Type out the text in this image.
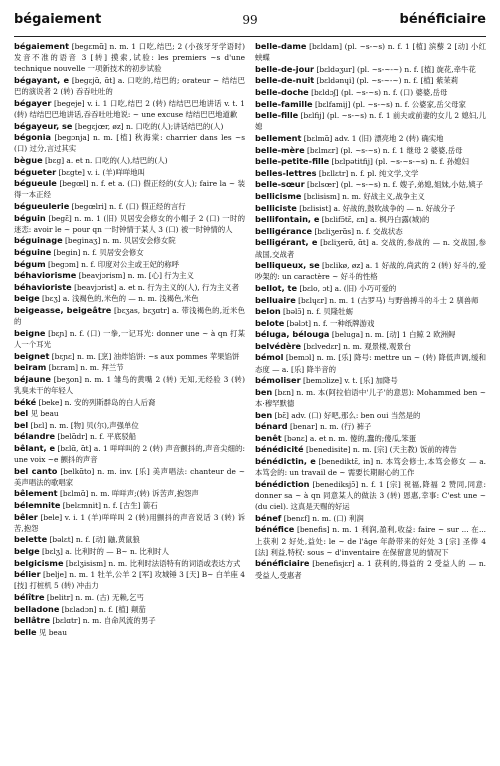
bégaiement	99	bénéficiaire
bégaiement [begɛmɑ̃] n. m. 1 口吃,结巴; 2 (小孩牙牙学语时)发音不准的语音 3 [转] 摸索,试验: les premiers ~s d'une technique nouvelle 一项新技术的初步试验
bégayant, e [begɛjɑ̃, ɑ̃t] a. 口吃的,结巴的; orateur ~ 结结巴巴的演说者 2 (转) 吞吞吐吐的
bégayer [begeje] v. i. 1 口吃,结巴 2 (转) 结结巴巴地讲话 v. t. 1 (转) 结结巴巴地讲话,吞吞吐吐地说: ~ une excuse 结结巴巴地道歉
bégayeur, se [begɛjœr, øz] n. 口吃的(人);讲话结巴的(人)
bégonia [begɔnja] n. m. [植] 秋海棠: charrier dans les ~s (口) 过分,言过其实
bègue [bɛg] a. et n. 口吃的(人),结巴的(人)
bégueter [bɛgte] v. i. (羊)咩咩地叫
bégueule [begœl] n. f. et a. (口) 假正经的(女人); faire la ~ 装得一本正经
bégueulerie [begœlri] n. f. (口) 假正经的言行
béguin [begɛ̃] n. m. 1 (旧) 贝居安会修女的小帽子 2 (口) 一时的迷恋: avoir le ~ pour qn 一时钟情于某人 3 (口) 被一时钟情的人
béguinage [beginaʒ] n. m. 贝居安会修女院
béguine [begin] n. f. 贝居安会修女
bégum [begɔm] n. f. 印度对公主或王妃的称呼
béhaviorisme [beavjɔrism] n. m. [心] 行为主义
béhavioriste [beavjɔrist] a. et n. 行为主义的(人), 行为主义者
beige [bɛʒ] a. 浅褐色的,米色的 — n. m. 浅褐色,米色
beigeasse, beigeâtre [bɛʒas, bɛʒɑtr] a. 带浅褐色的,近米色的
beigne [bɛɲ] n. f. (口) 一拳,一记耳光: donner une ~ à qn 打某人一个耳光
beignet [bɛɲɛ] n. m. [烹] 油炸馅饼: ~s aux pommes 苹果馅饼
beiram [bɛram] n. m. 拜兰节
béjaune [beʒon] n. m. 1 雏鸟的黄嘴 2 (转) 无知,无经验 3 (转) 乳臭未干的年轻人
béké [beke] n. 安的列斯群岛的白人后裔
bel 见 beau
bel [bɛl] n. m. [物] 贝(尔),声强单位
bélandre [belɑ̃dr] n. f. 平底驳船
bêlant, e [bɛlɑ̃, ɑ̃t] a. 1 咩咩叫的 2 (转) 声音颤抖的,声音尖细的: une voix ~e 颤抖的声音
bel canto [belkɑ̃to] n. m. inv. [乐] 美声唱法: chanteur de ~ 美声唱法的歌唱家
bêlement [bɛlmɑ̃] n. m. 咩咩声;(转) 诉苦声,抱怨声
bélemnite [belɛmnit] n. f. [古生] 箭石
bêler [bele] v. i. 1 (羊)咩咩叫 2 (转)用颤抖的声音说话 3 (转) 诉苦,抱怨
belette [bəlɛt] n. f. [动] 鼬,黄鼠狼
belge [bɛlʒ] a. 比利时的 — B~ n. 比利时人
belgicisme [bɛlʒisism] n. m. 比利时法语特有的词语或表达方式
bélier [belje] n. m. 1 牡羊,公羊 2 [军] 攻城锤 3 [天] B~ 白羊座 4 [技] 打桩机 5 (转) 冲击力
bélître [belitr] n. m. (古) 无赖,乞丐
belladone [bɛladɔn] n. f. [植] 颠茄
bellâtre [bɛlɑtr] n. m. 自命风流的男子
belle 见 beau
belle-dame [bɛldam] (pl. ~s-~s) n. f. 1 [植] 滨藜 2 [动] 小红蛱蝶
belle-de-jour [bɛldəʒur] (pl. ~s-~-~) n. f. [植] 旋花,牵牛花
belle-de-nuit [bɛldənɥi] (pl. ~s-~-~) n. f. [植] 紫茉莉
belle-doche [bɛldɔʃ] (pl. ~s-~s) n. f. (口) 婆婆,岳母
belle-famille [bɛlfamij] (pl. ~s-~s) n. f. 公婆家,岳父母家
belle-fille [bɛlfij] (pl. ~s-~s) n. f. 1 前夫或前妻的女儿 2 媳妇,儿媳
bellement [bɛlmɑ̃] adv. 1 (旧) 漂亮地 2 (转) 确实地
belle-mère [bɛlmɛr] (pl. ~s-~s) n. f. 1 继母 2 婆婆,岳母
belle-petite-fille [bɛlpətitfij] (pl. ~s-~s-~s) n. f. 孙媳妇
belles-lettres [bɛllɛtr] n. f. pl. 纯文学,文学
belle-sœur [bɛlsœr] (pl. ~s-~s) n. f. 嫂子,弟媳,姐妹,小姑,姨子
bellicisme [bɛlisism] n. m. 好战主义,战争主义
belliciste [bɛlisist] a. 好战的,鼓吹战争的 — n. 好战分子
bellifontain, e [bɛlifɔ̃tɛ̃, ɛn] a. 枫丹白露(城)的
belligérance [bɛliʒerɑ̃s] n. f. 交战状态
belligérant, e [bɛliʒerɑ̃, ɑ̃t] a. 交战的,参战的 — n. 交战国,参战国,交战者
belliqueux, se [bɛlikø, øz] a. 1 好战的,尚武的 2 (转) 好斗的,爱吵架的: un caractère ~ 好斗的性格
bellot, te [bɛlo, ɔt] a. (旧) 小巧可爱的
belluaire [bɛlɥɛr] n. m. 1 (古罗马) 与野兽搏斗的斗士 2 驯兽师
belon [bəlɔ̃] n. f. 贝隆牡蛎
belote [bəlɔt] n. f. 一种纸牌游戏
béluga, bélouga [beluga] n. m. [动] 1 白鲸 2 欧洲鲟
belvédère [bɛlvedɛr] n. m. 观景楼,观景台
bémol [bemɔl] n. m. [乐] 降号: mettre un ~ (转) 降低声调,缓和态度 — a. [乐] 降半音的
bémoliser [bemɔlize] v. t. [乐] 加降号
ben [bɛn] n. m. 本(阿拉伯语中'儿子'的意思): Mohammed ben ~ 本·穆罕默德
ben [bɛ̃] adv. (口) 好吧,那么: ben oui 当然是的
bénard [benar] n. m. (行) 裤子
benêt [bənɛ] a. et n. m. 傻的,蠢的;傻瓜,笨蛋
bénédicité [benedisite] n. m. [宗] (天主教) 饭前的祷告
bénédictin, e [benediktɛ̃, in] n. 本笃会修士,本笃会修女 — a. 本笃会的: un travail de ~ 需要长期耐心的工作
bénédiction [benediksjɔ̃] n. f. 1 [宗] 祝福,降福 2 赞同,同意: donner sa ~ à qn 同意某人的做法 3 (转) 恩惠,幸事: C'est une ~ (du ciel). 这真是天赐的好运
bénef [benɛf] n. m. (口) 利润
bénéfice [benefis] n. m. 1 利润,盈利,收益: faire ~ sur ... 在...上获利 2 好处,益处: le ~ de l'âge 年龄带来的好处 3 [宗] 圣俸 4 [法] 利益,特权: sous ~ d'inventaire 在保留意见的情况下
bénéficiaire [benefisjɛr] a. 1 获利的,得益的 2 受益人的 — n. 受益人,受惠者
